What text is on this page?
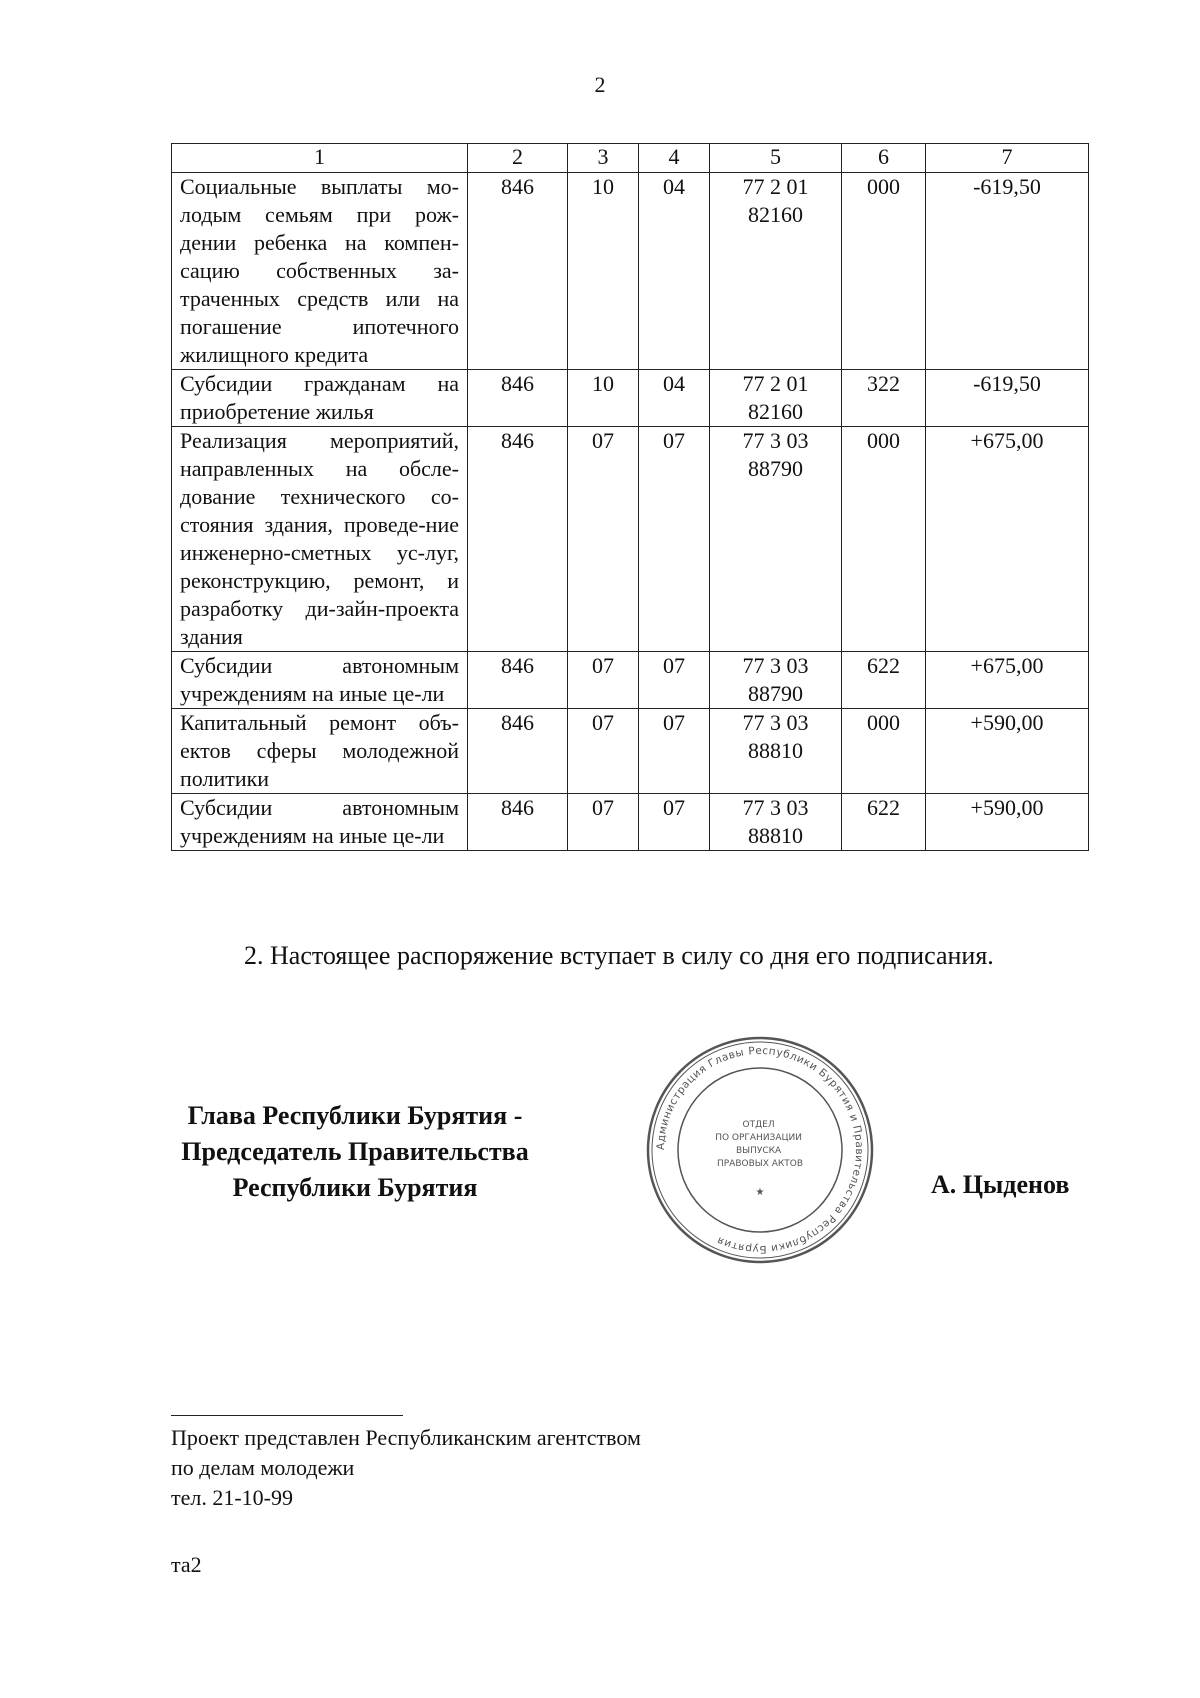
2
1	2	3	4	5	6	7
Социальные выплаты мо-лодым семьям при рож-дении ребенка на компен-сацию собственных за-траченных средств или на погашение ипотечного жилищного кредита	846	10	04	77 2 01 82160	000	-619,50
Субсидии гражданам на приобретение жилья	846	10	04	77 2 01 82160	322	-619,50
Реализация мероприятий, направленных на обсле-дование технического со-стояния здания, проведе-ние инженерно-сметных ус-луг, реконструкцию, ремонт, и разработку ди-зайн-проекта здания	846	07	07	77 3 03 88790	000	+675,00
Субсидии автономным учреждениям на иные це-ли	846	07	07	77 3 03 88790	622	+675,00
Капитальный ремонт объ-ектов сферы молодежной политики	846	07	07	77 3 03 88810	000	+590,00
Субсидии автономным учреждениям на иные це-ли	846	07	07	77 3 03 88810	622	+590,00
2. Настоящее распоряжение вступает в силу со дня его подписания.
Глава Республики Бурятия -
Председатель Правительства
Республики Бурятия
Администрация Главы Республики Бурятия и Правительства Республики Бурятия
ОТДЕЛ ПО ОРГАНИЗАЦИИ ВЫПУСКА ПРАВОВЫХ АКТОВ
★	А. Цыденов
Проект представлен Республиканским агентством
по делам молодежи
тел. 21-10-99
та2
